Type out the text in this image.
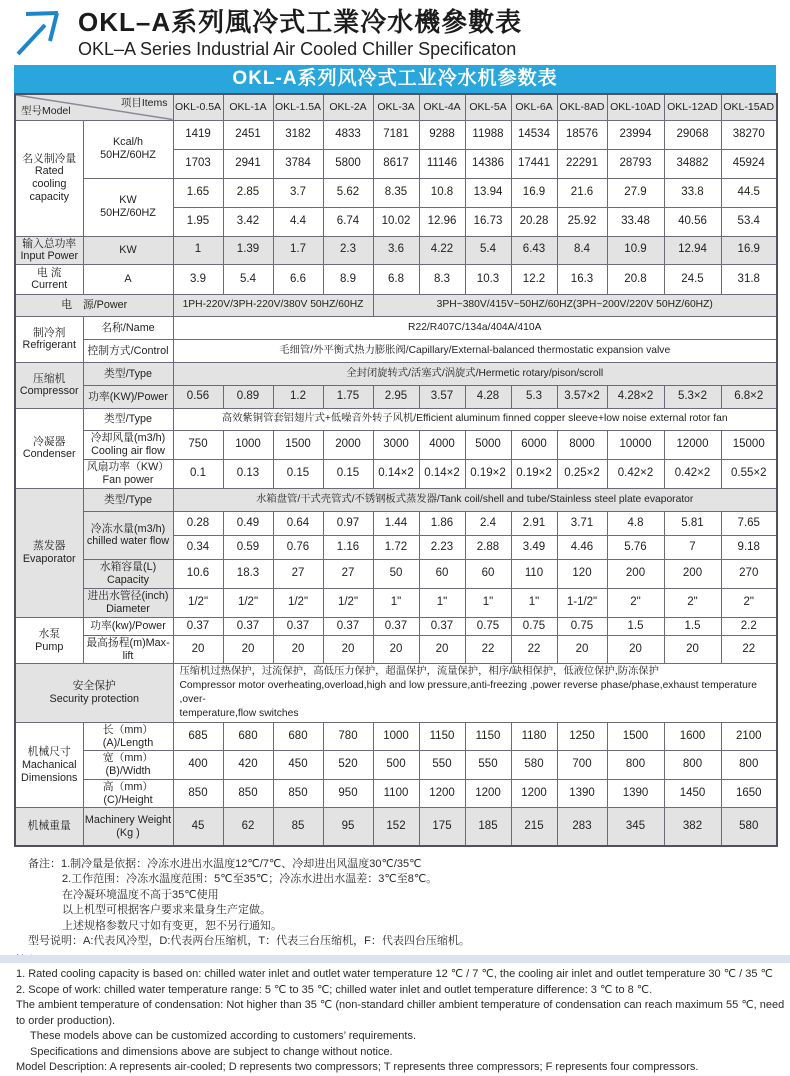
OKL–A系列風冷式工業冷水機參數表
OKL–A Series Industrial Air Cooled Chiller Specificaton
OKL-A系列风冷式工业冷水机参数表
项目Items
型号Model		OKL-0.5A	OKL-1A	OKL-1.5A	OKL-2A	OKL-3A	OKL-4A	OKL-5A	OKL-6A	OKL-8AD	OKL-10AD	OKL-12AD	OKL-15AD
名义制冷量
Rated
cooling
capacity	Kcal/h
50HZ/60HZ	1419	2451	3182	4833	7181	9288	11988	14534	18576	23994	29068	38270
		1703	2941	3784	5800	8617	11146	14386	17441	22291	28793	34882	45924
	KW
50HZ/60HZ	1.65	2.85	3.7	5.62	8.35	10.8	13.94	16.9	21.6	27.9	33.8	44.5
		1.95	3.42	4.4	6.74	10.02	12.96	16.73	20.28	25.92	33.48	40.56	53.4
输入总功率
Input Power	KW	1	1.39	1.7	2.3	3.6	4.22	5.4	6.43	8.4	10.9	12.94	16.9
电 流
Current	A	3.9	5.4	6.6	8.9	6.8	8.3	10.3	12.2	16.3	20.8	24.5	31.8
电　源/Power		1PH-220V/3PH-220V/380V 50HZ/60HZ				3PH~380V/415V~50HZ/60HZ(3PH~200V/220V 50HZ/60HZ)							
制冷剂
Refrigerant	名称/Name	R22/R407C/134a/404A/410A											
	控制方式/Control	毛细管/外平衡式热力膨胀阀/Capillary/External-balanced thermostatic expansion valve											
压缩机
Compressor	类型/Type	全封闭旋转式/活塞式/涡旋式/Hermetic rotary/pison/scroll											
	功率(KW)/Power	0.56	0.89	1.2	1.75	2.95	3.57	4.28	5.3	3.57×2	4.28×2	5.3×2	6.8×2
冷凝器
Condenser	类型/Type	高效紫铜管套铝翅片式+低噪音外转子风机/Efficient aluminum finned copper sleeve+low noise external rotor fan											
	冷却风量(m3/h)
Cooling air flow	750	1000	1500	2000	3000	4000	5000	6000	8000	10000	12000	15000
	风扇功率（KW）
Fan power	0.1	0.13	0.15	0.15	0.14×2	0.14×2	0.19×2	0.19×2	0.25×2	0.42×2	0.42×2	0.55×2
蒸发器
Evaporator	类型/Type	水箱盘管/干式壳管式/不锈钢板式蒸发器/Tank coil/shell and tube/Stainless steel plate evaporator											
	冷冻水量(m3/h)
chilled water flow	0.28	0.49	0.64	0.97	1.44	1.86	2.4	2.91	3.71	4.8	5.81	7.65
		0.34	0.59	0.76	1.16	1.72	2.23	2.88	3.49	4.46	5.76	7	9.18
	水箱容量(L)
Capacity	10.6	18.3	27	27	50	60	60	110	120	200	200	270
	进出水管径(inch)
Diameter	1/2"	1/2"	1/2"	1/2"	1"	1"	1"	1"	1-1/2"	2"	2"	2"
水泵
Pump	功率(kw)/Power	0.37	0.37	0.37	0.37	0.37	0.37	0.75	0.75	0.75	1.5	1.5	2.2
	最高扬程(m)Max-lift	20	20	20	20	20	20	22	22	20	20	20	22
安全保护
Security protection		压缩机过热保护，过流保护，高低压力保护，超温保护，流量保护，相序/缺相保护，低液位保护,防冻保护
Compressor motor overheating,overload,high and low pressure,anti-freezing ,power reverse phase/phase,exhaust temperature ,over-
temperature,flow switches											
机械尺寸
Machanical
Dimensions	长（mm）(A)/Length	685	680	680	780	1000	1150	1150	1180	1250	1500	1600	2100
	宽（mm）(B)/Width	400	420	450	520	500	550	550	580	700	800	800	800
	高（mm）(C)/Height	850	850	850	950	1100	1200	1200	1200	1390	1390	1450	1650
机械重量	Machinery Weight
(Kg )	45	62	85	95	152	175	185	215	283	345	382	580
备注：1.制冷量是依据：冷冻水进出水温度12℃/7℃、冷却进出风温度30℃/35℃
2.工作范围：冷冻水温度范围：5℃至35℃；冷冻水进出水温差：3℃至8℃。
在冷凝环境温度不高于35℃使用
以上机型可根据客户要求来量身生产定做。
上述规格参数尺寸如有变更，恕不另行通知。
型号说明：A:代表风冷型，D:代表两台压缩机，T：代表三台压缩机，F：代表四台压缩机。
1. Rated cooling capacity is based on: chilled water inlet and outlet water temperature 12 ℃ / 7 ℃, the cooling air inlet and outlet temperature 30 ℃ / 35 ℃
2. Scope of work: chilled water temperature range: 5 ℃ to 35 ℃; chilled water inlet and outlet temperature difference: 3 ℃ to 8 ℃.
The ambient temperature of condensation: Not higher than 35 ℃ (non-standard chiller ambient temperature of condensation can reach maximum 55 ℃, need to order production).
These models above can be customized according to customers’ requirements.
Specifications and dimensions above are subject to change without notice.
Model Description: A represents air-cooled; D represents two compressors; T represents three compressors; F represents four compressors.
